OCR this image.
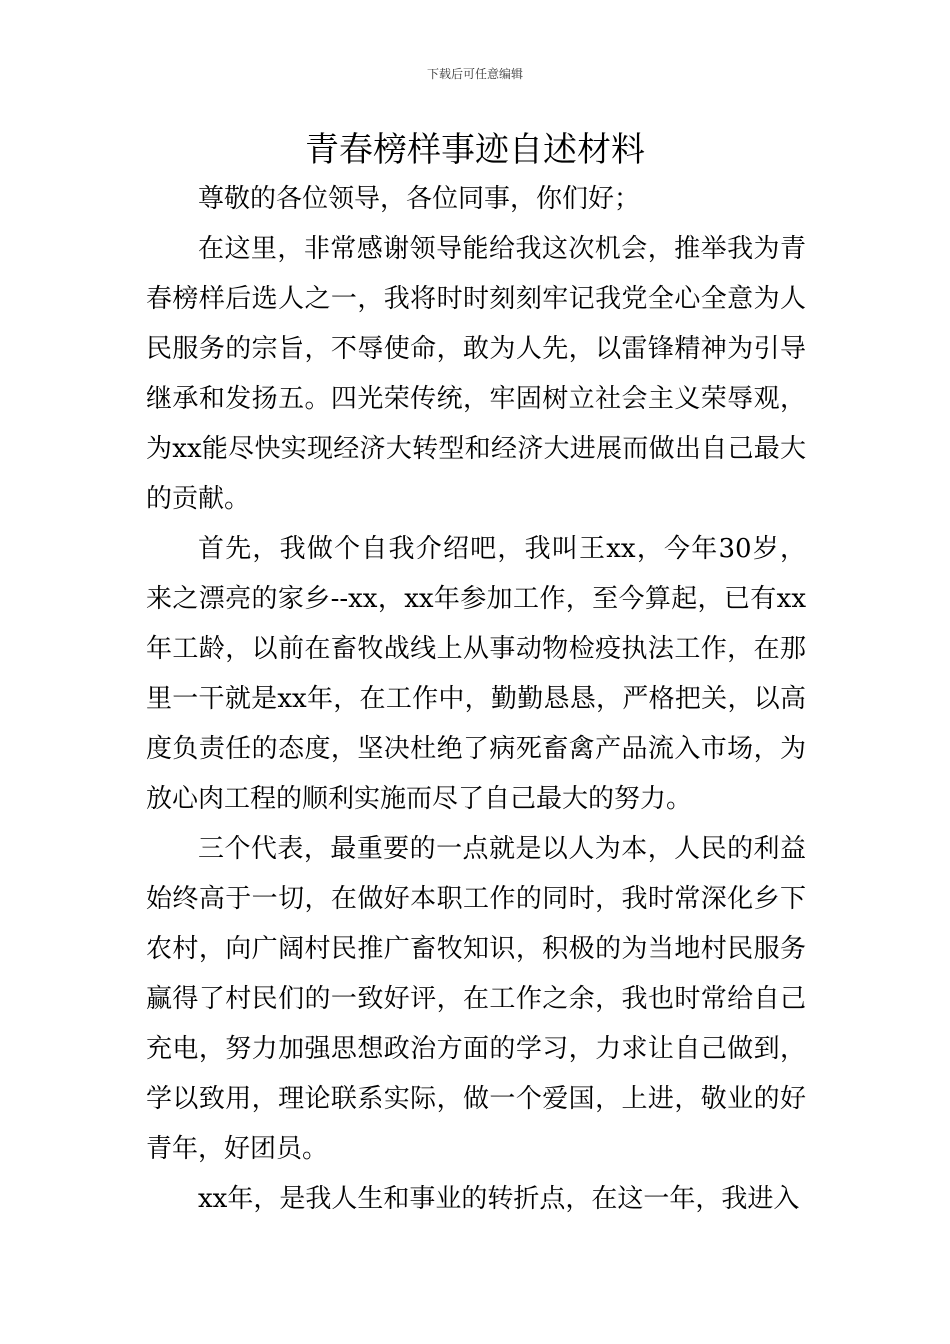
下载后可任意编辑
青春榜样事迹自述材料

尊敬的各位领导，各位同事，你们好；

在这里，非常感谢领导能给我这次机会，推举我为青春榜样后选人之一，我将时时刻刻牢记我党全心全意为人民服务的宗旨，不辱使命，敢为人先，以雷锋精神为引导继承和发扬五。四光荣传统，牢固树立社会主义荣辱观，为xx能尽快实现经济大转型和经济大进展而做出自己最大的贡献。

首先，我做个自我介绍吧，我叫王xx，今年30岁，来之漂亮的家乡--xx，xx年参加工作，至今算起，已有xx年工龄，以前在畜牧战线上从事动物检疫执法工作，在那里一干就是xx年，在工作中，勤勤恳恳，严格把关，以高度负责任的态度，坚决杜绝了病死畜禽产品流入市场，为放心肉工程的顺利实施而尽了自己最大的努力。

三个代表，最重要的一点就是以人为本，人民的利益始终高于一切，在做好本职工作的同时，我时常深化乡下农村，向广阔村民推广畜牧知识，积极的为当地村民服务赢得了村民们的一致好评，在工作之余，我也时常给自己充电，努力加强思想政治方面的学习，力求让自己做到，学以致用，理论联系实际，做一个爱国，上进，敬业的好青年，好团员。

xx年，是我人生和事业的转折点，在这一年，我进入
